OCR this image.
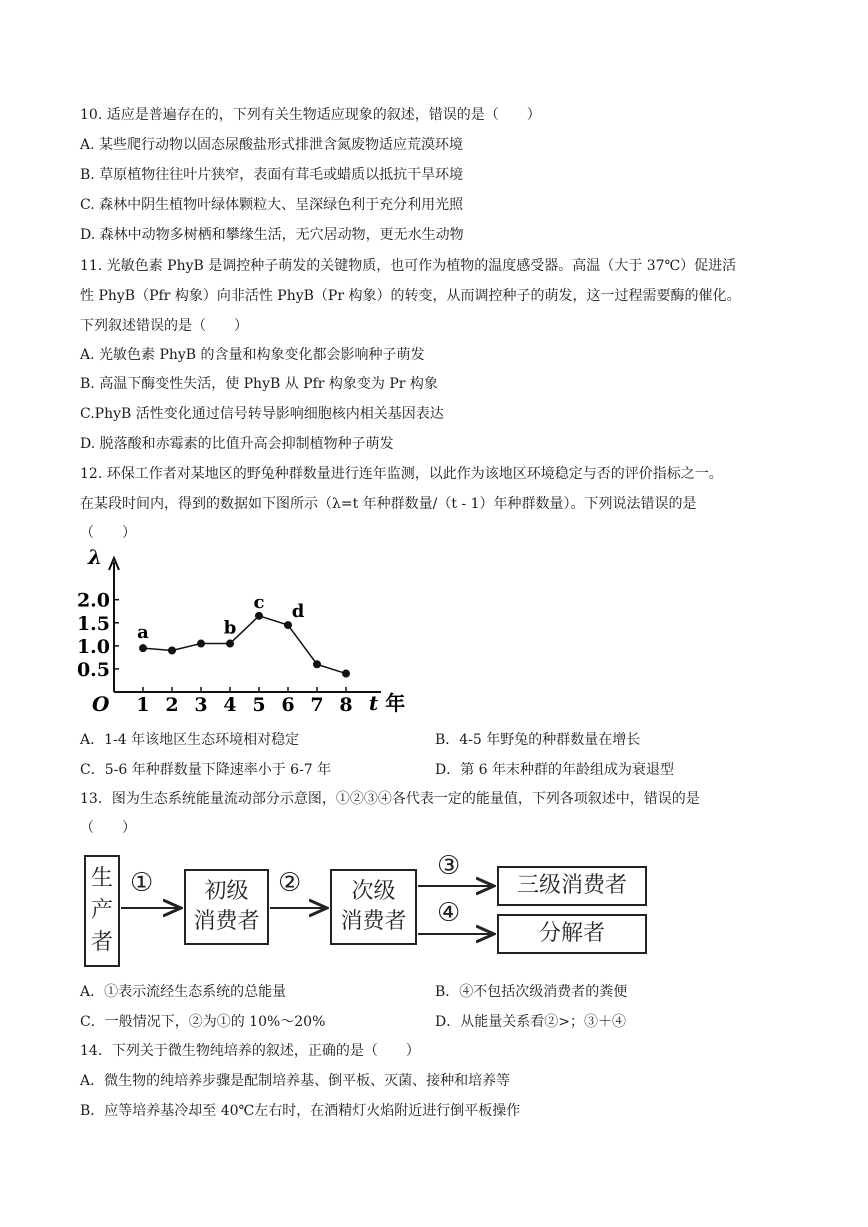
10. 适应是普遍存在的，下列有关生物适应现象的叙述，错误的是（　　）
A. 某些爬行动物以固态尿酸盐形式排泄含氮废物适应荒漠环境
B. 草原植物往往叶片狭窄，表面有茸毛或蜡质以抵抗干旱环境
C. 森林中阴生植物叶绿体颗粒大、呈深绿色利于充分利用光照
D. 森林中动物多树栖和攀缘生活，无穴居动物，更无水生动物
11. 光敏色素 PhyB 是调控种子萌发的关键物质，也可作为植物的温度感受器。高温（大于 37℃）促进活
性 PhyB（Pfr 构象）向非活性 PhyB（Pr 构象）的转变，从而调控种子的萌发，这一过程需要酶的催化。
下列叙述错误的是（　　）
A. 光敏色素 PhyB 的含量和构象变化都会影响种子萌发
B. 高温下酶变性失活，使 PhyB 从 Pfr 构象变为 Pr 构象
C.PhyB 活性变化通过信号转导影响细胞核内相关基因表达
D. 脱落酸和赤霉素的比值升高会抑制植物种子萌发
12. 环保工作者对某地区的野兔种群数量进行连年监测，以此作为该地区环境稳定与否的评价指标之一。
在某段时间内，得到的数据如下图所示（λ=t 年种群数量/（t - 1）年种群数量）。下列说法错误的是
（　　）
λ
O	t 年
0.5
1.0
1.5
2.0
1 2 3 4 5 6 7 8
a	b
c d
A．1-4 年该地区生态环境相对稳定	B．4-5 年野兔的种群数量在增长
C．5-6 年种群数量下降速率小于 6-7 年	D．第 6 年末种群的年龄组成为衰退型
13．图为生态系统能量流动部分示意图，①②③④各代表一定的能量值，下列各项叙述中，错误的是
（　　）
生
产
者
初级
消费者
次级
消费者
三级消费者
分解者
①	②
③
④
A．①表示流经生态系统的总能量	B．④不包括次级消费者的粪便
C．一般情况下，②为①的 10%～20%	D．从能量关系看②>；③＋④
14．下列关于微生物纯培养的叙述，正确的是（　　）
A．微生物的纯培养步骤是配制培养基、倒平板、灭菌、接种和培养等
B．应等培养基冷却至 40℃左右时，在酒精灯火焰附近进行倒平板操作
